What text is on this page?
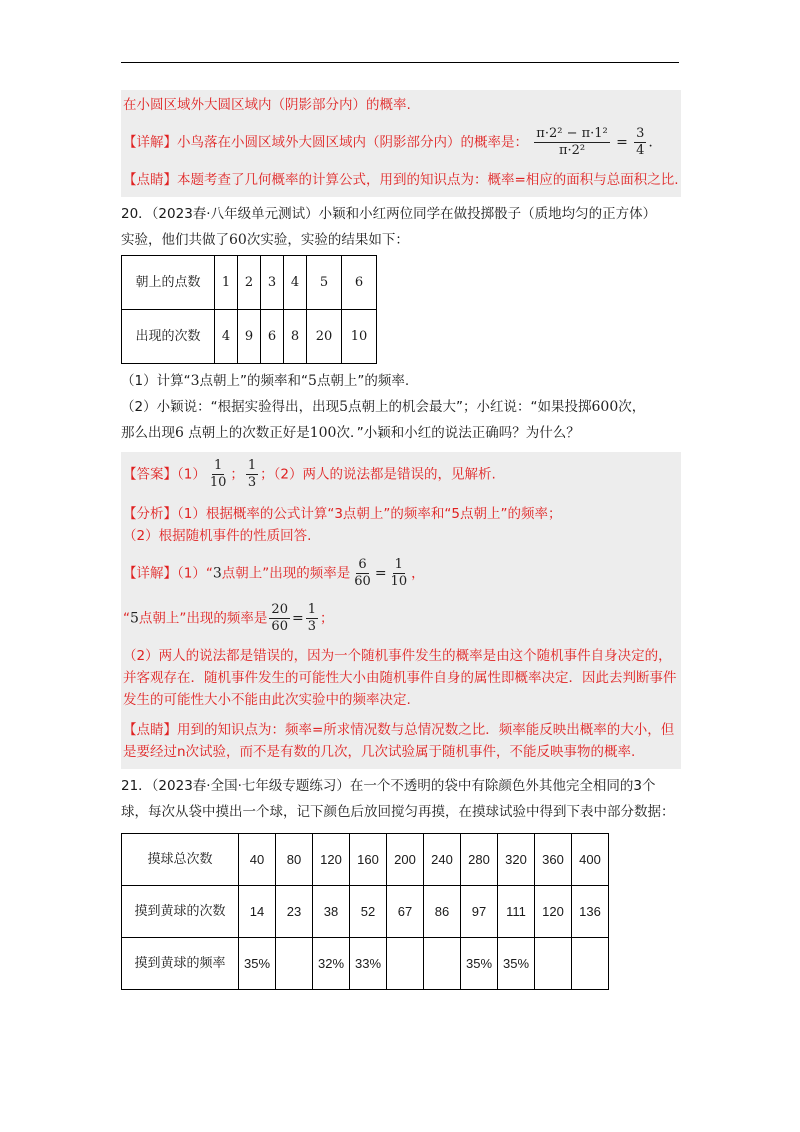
在小圆区域外大圆区域内（阴影部分内）的概率.
【详解】小鸟落在小圆区域外大圆区域内（阴影部分内）的概率是： $\frac{\text{π·2² − π·1²}}{\text{π·2²}} = \frac{3}{4}$ .
【点睛】本题考查了几何概率的计算公式，用到的知识点为：概率=相应的面积与总面积之比.
20．（2023春·八年级单元测试）小颖和小红两位同学在做投掷骰子（质地均匀的正方体）
实验，他们共做了60次实验，实验的结果如下：
朝上的点数	1	2	3	4	5	6
出现的次数	4	9	6	8	20	10
（1）计算“3点朝上”的频率和“5点朝上”的频率.
（2）小颖说：“根据实验得出，出现5点朝上的机会最大”；小红说：“如果投掷600次，
那么出现6 点朝上的次数正好是100次．”小颖和小红的说法正确吗？为什么？
【答案】$(1) \frac{1}{10}$ ； $\frac{1}{3}$ ；（2）两人的说法都是错误的，见解析.
【分析】（1）根据概率的公式计算“3点朝上”的频率和“5点朝上”的频率；
（2）根据随机事件的性质回答.
【详解】（1）“3点朝上”出现的频率是 $\frac{6}{60} = \frac{1}{10}$ ，
“5点朝上”出现的频率是 $\frac{20}{60} = \frac{1}{3}$ ；
（2）两人的说法都是错误的，因为一个随机事件发生的概率是由这个随机事件自身决定的，并客观存在．随机事件发生的可能性大小由随机事件自身的属性即概率决定．因此去判断事件发生的可能性大小不能由此次实验中的频率决定.
【点睛】用到的知识点为：频率=所求情况数与总情况数之比．频率能反映出概率的大小，但是要经过n次试验，而不是有数的几次，几次试验属于随机事件，不能反映事物的概率.
21．（2023春·全国·七年级专题练习）在一个不透明的袋中有除颜色外其他完全相同的3个球，每次从袋中摸出一个球，记下颜色后放回搅匀再摸，在摸球试验中得到下表中部分数据：
摸球总次数	40	80	120	160	200	240	280	320	360	400
摸到黄球的次数	14	23	38	52	67	86	97	111	120	136
摸到黄球的频率	35%		32%	33%			35%	35%		
